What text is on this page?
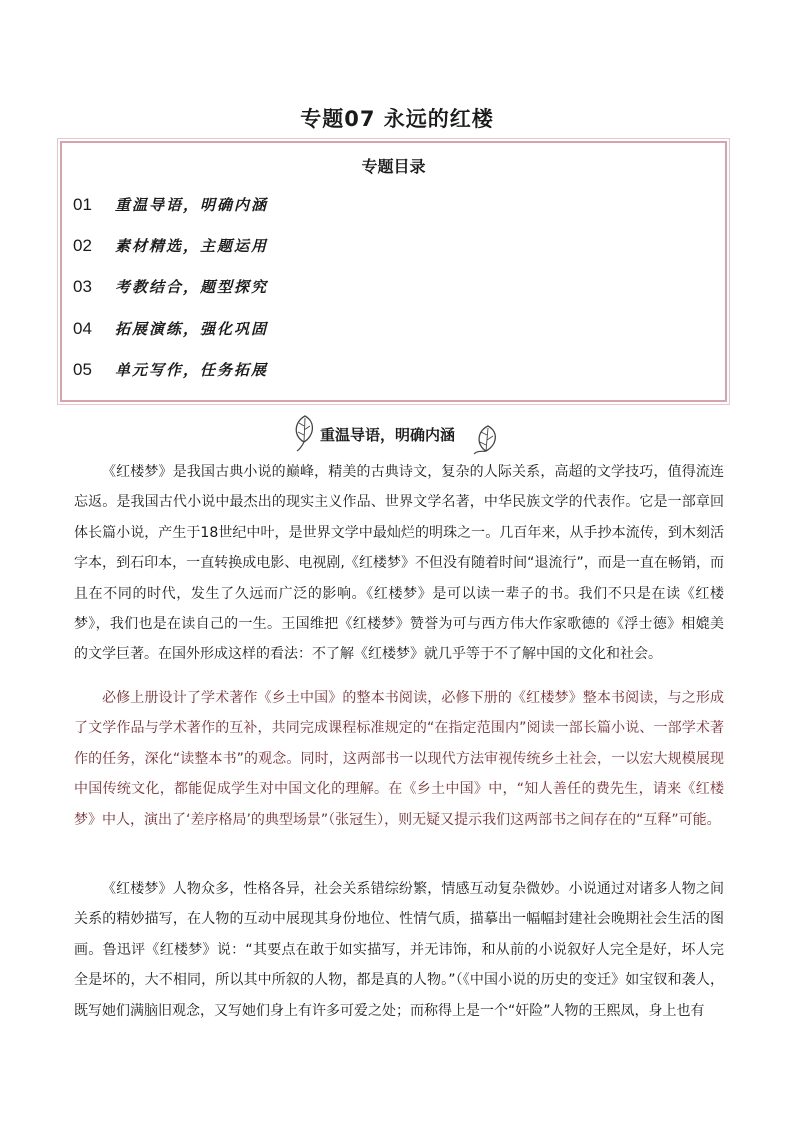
专题07 永远的红楼
专题目录
01 重温导语，明确内涵
02 素材精选，主题运用
03 考教结合，题型探究
04 拓展演练，强化巩固
05 单元写作，任务拓展
重温导语，明确内涵

《红楼梦》是我国古典小说的巅峰，精美的古典诗文，复杂的人际关系，高超的文学技巧，值得流连忘返。是我国古代小说中最杰出的现实主义作品、世界文学名著，中华民族文学的代表作。它是一部章回体长篇小说，产生于18世纪中叶，是世界文学中最灿烂的明珠之一。几百年来，从手抄本流传，到木刻活字本，到石印本，一直转换成电影、电视剧,《红楼梦》不但没有随着时间“退流行”，而是一直在畅销，而且在不同的时代，发生了久远而广泛的影响。《红楼梦》是可以读一辈子的书。我们不只是在读《红楼梦》，我们也是在读自己的一生。王国维把《红楼梦》赞誉为可与西方伟大作家歌德的《浮士德》相媲美的文学巨著。在国外形成这样的看法：不了解《红楼梦》就几乎等于不了解中国的文化和社会。

必修上册设计了学术著作《乡土中国》的整本书阅读，必修下册的《红楼梦》整本书阅读，与之形成了文学作品与学术著作的互补，共同完成课程标准规定的“在指定范围内”阅读一部长篇小说、一部学术著作的任务，深化“读整本书”的观念。同时，这两部书一以现代方法审视传统乡土社会，一以宏大规模展现中国传统文化，都能促成学生对中国文化的理解。在《乡土中国》中，“知人善任的费先生，请来《红楼梦》中人，演出了‘差序格局’的典型场景”（张冠生），则无疑又提示我们这两部书之间存在的“互释”可能。

《红楼梦》人物众多，性格各异，社会关系错综纷繁，情感互动复杂微妙。小说通过对诸多人物之间关系的精妙描写，在人物的互动中展现其身份地位、性情气质，描摹出一幅幅封建社会晚期社会生活的图画。鲁迅评《红楼梦》说：“其要点在敢于如实描写，并无讳饰，和从前的小说叙好人完全是好，坏人完全是坏的，大不相同，所以其中所叙的人物，都是真的人物。”（《中国小说的历史的变迁》如宝钗和袭人，既写她们满脑旧观念，又写她们身上有许多可爱之处；而称得上是一个“奸险”人物的王熙凤，身上也有
